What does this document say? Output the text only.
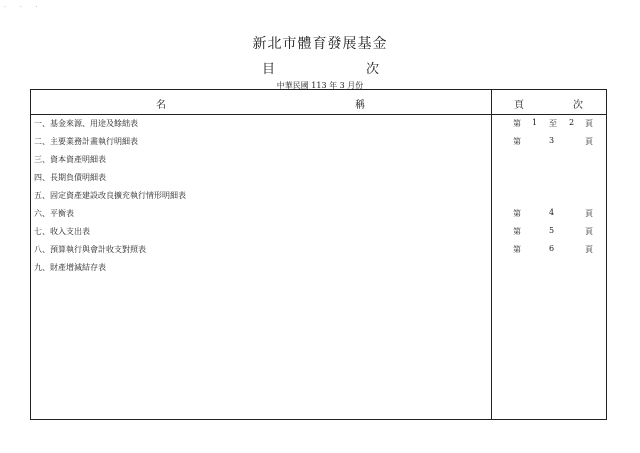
· · ·
新北市體育發展基金
目	次
中華民國 113 年 3 月份
名	稱	頁	次
一、基金來源、用途及餘絀表	第 1 至 2 頁
二、主要業務計畫執行明細表	第	3	頁
三、資本資產明細表
四、長期負債明細表
五、固定資產建設改良擴充執行情形明細表
六、平衡表	第	4	頁
七、收入支出表	第	5	頁
八、預算執行與會計收支對照表	第	6	頁
九、財產增減結存表
